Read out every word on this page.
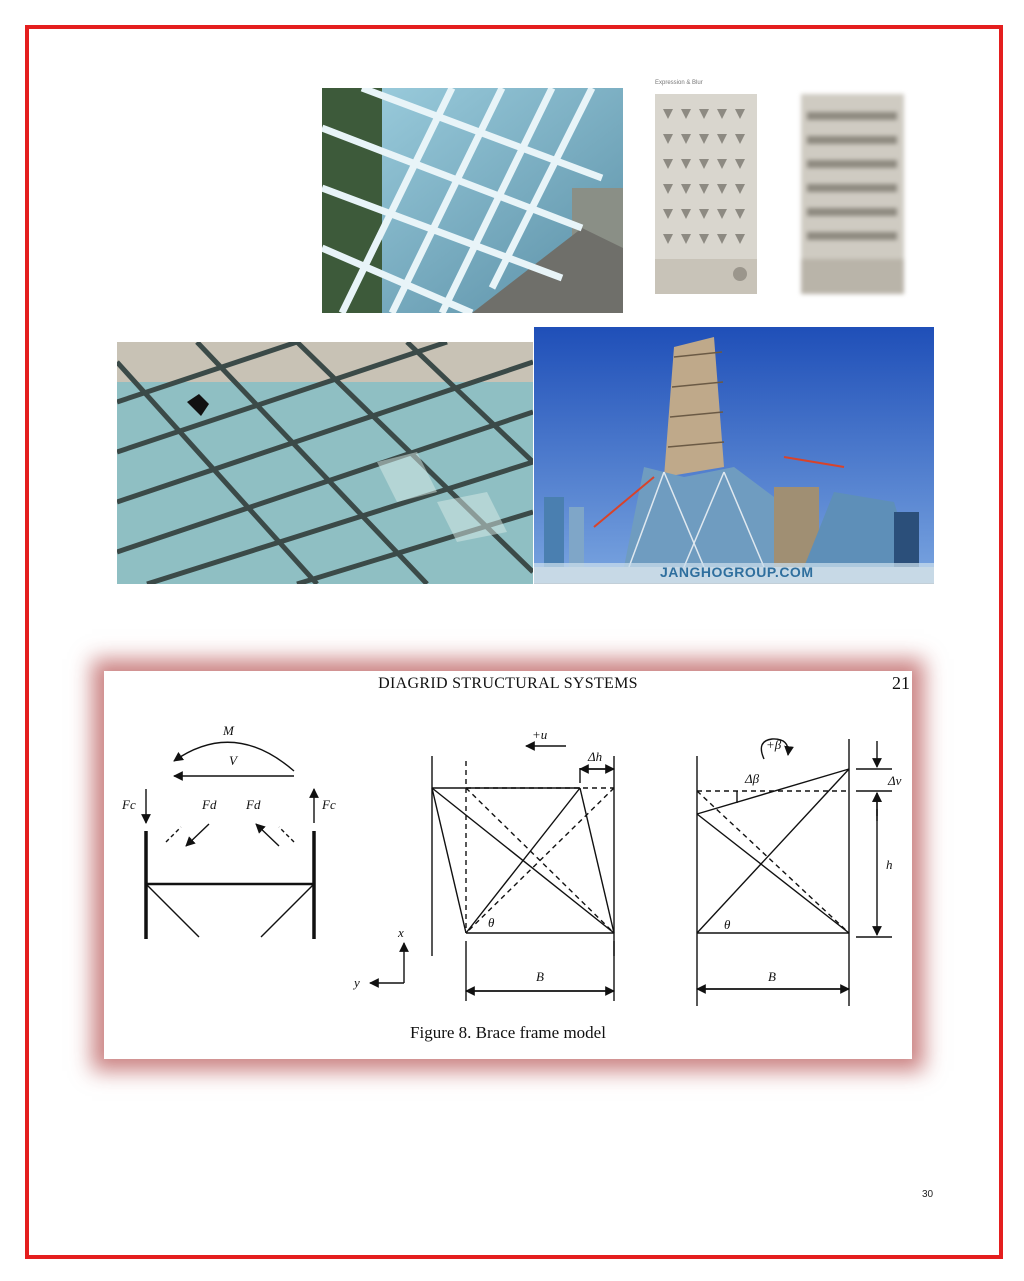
Expression & Blur
JANGHOGROUP.COM
DIAGRID STRUCTURAL SYSTEMS	21
M
V
Fc	Fd Fd	Fc
+u
Δh
θ
x
y	B
+β
Δβ	Δv
h
θ
B
Figure 8. Brace frame model
30
